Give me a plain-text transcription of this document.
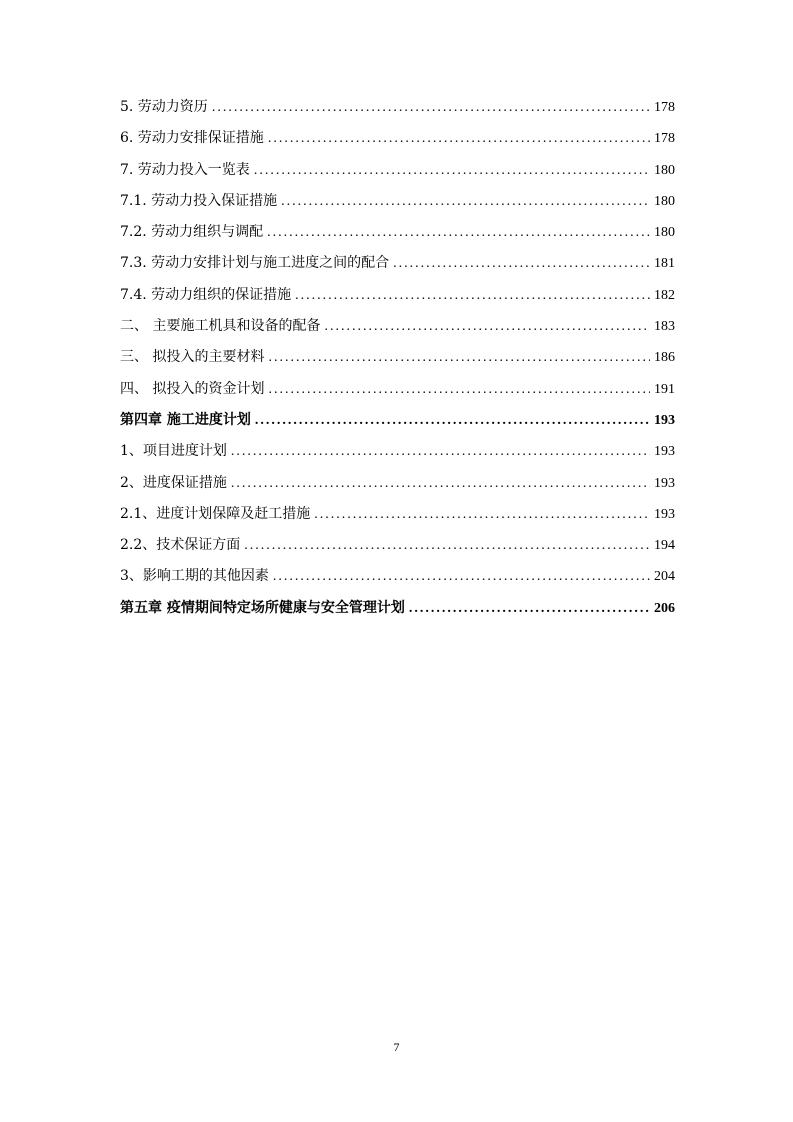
5. 劳动力资历 .....	178
6. 劳动力安排保证措施 .....	178
7. 劳动力投入一览表 .....	180
7.1. 劳动力投入保证措施 .....	180
7.2. 劳动力组织与调配 .....	180
7.3. 劳动力安排计划与施工进度之间的配合 .....	181
7.4. 劳动力组织的保证措施 .....	182
二、 主要施工机具和设备的配备 .....	183
三、 拟投入的主要材料 .....	186
四、 拟投入的资金计划 .....	191
第四章 施工进度计划 .....	193
1、项目进度计划 .....	193
2、进度保证措施 .....	193
2.1、进度计划保障及赶工措施 .....	193
2.2、技术保证方面 .....	194
3、影响工期的其他因素 .....	204
第五章 疫情期间特定场所健康与安全管理计划 .....	206
7
